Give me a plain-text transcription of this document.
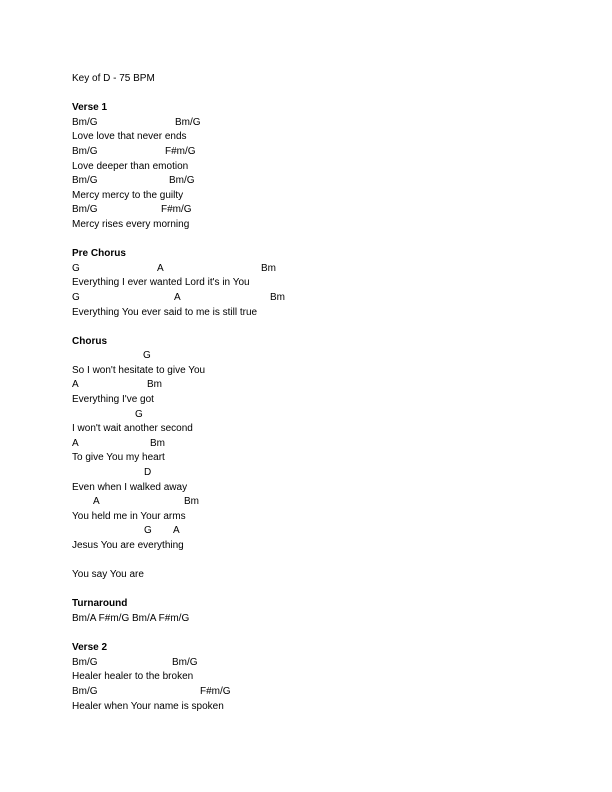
Key of D - 75 BPM
Verse 1
Bm/G	Bm/G
Love love that never ends
Bm/G	F#m/G
Love deeper than emotion
Bm/G	Bm/G
Mercy mercy to the guilty
Bm/G	F#m/G
Mercy rises every morning
Pre Chorus
G	A	Bm
Everything I ever wanted Lord it's in You
G	A	Bm
Everything You ever said to me is still true
Chorus
G
So I won't hesitate to give You
A	Bm
Everything I've got
G
I won't wait another second
A	Bm
To give You my heart
D
Even when I walked away
A	Bm
You held me in Your arms
G A
Jesus You are everything
You say You are
Turnaround
Bm/A F#m/G Bm/A F#m/G
Verse 2
Bm/G	Bm/G
Healer healer to the broken
Bm/G	F#m/G
Healer when Your name is spoken
